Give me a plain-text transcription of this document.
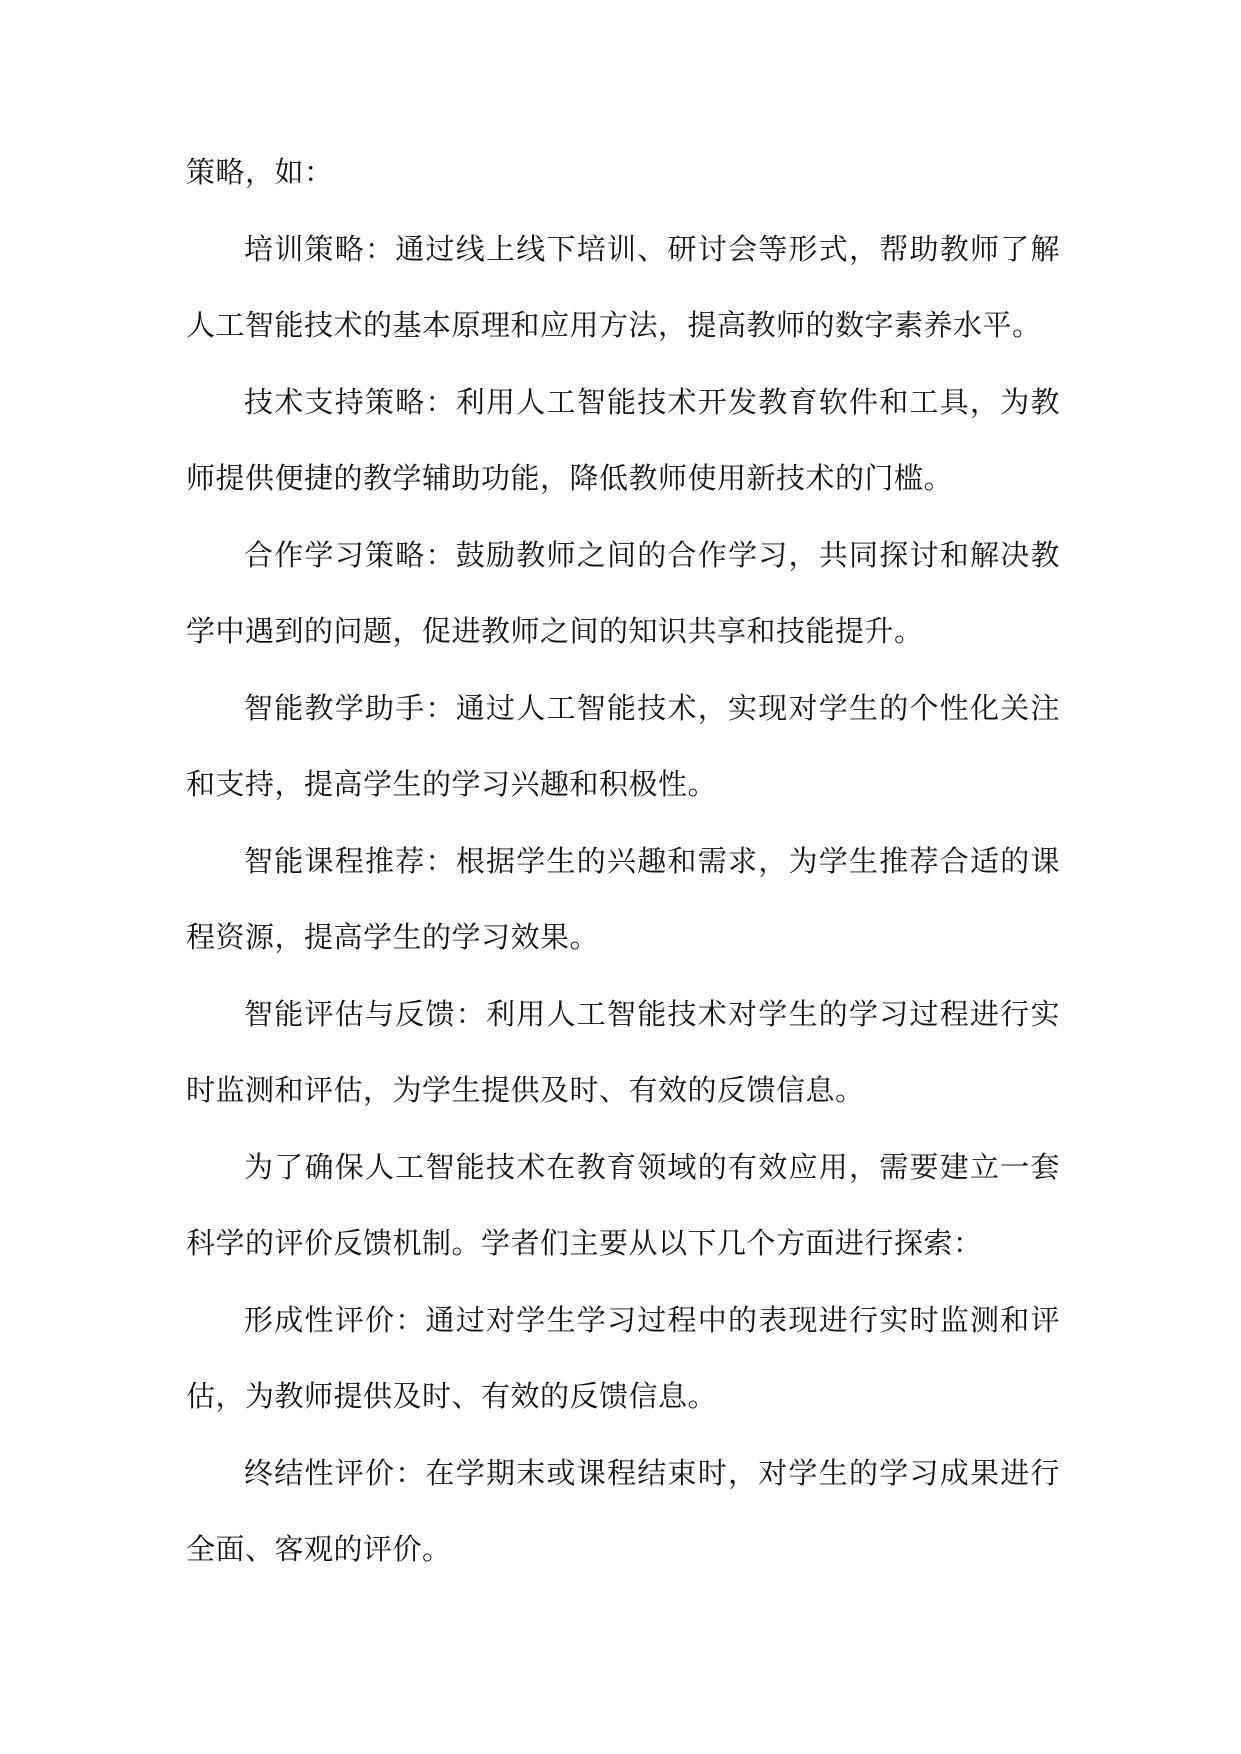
策略，如：

培训策略：通过线上线下培训、研讨会等形式，帮助教师了解人工智能技术的基本原理和应用方法，提高教师的数字素养水平。

技术支持策略：利用人工智能技术开发教育软件和工具，为教师提供便捷的教学辅助功能，降低教师使用新技术的门槛。

合作学习策略：鼓励教师之间的合作学习，共同探讨和解决教学中遇到的问题，促进教师之间的知识共享和技能提升。

智能教学助手：通过人工智能技术，实现对学生的个性化关注和支持，提高学生的学习兴趣和积极性。

智能课程推荐：根据学生的兴趣和需求，为学生推荐合适的课程资源，提高学生的学习效果。

智能评估与反馈：利用人工智能技术对学生的学习过程进行实时监测和评估，为学生提供及时、有效的反馈信息。

为了确保人工智能技术在教育领域的有效应用，需要建立一套科学的评价反馈机制。学者们主要从以下几个方面进行探索：

形成性评价：通过对学生学习过程中的表现进行实时监测和评估，为教师提供及时、有效的反馈信息。

终结性评价：在学期末或课程结束时，对学生的学习成果进行全面、客观的评价。
